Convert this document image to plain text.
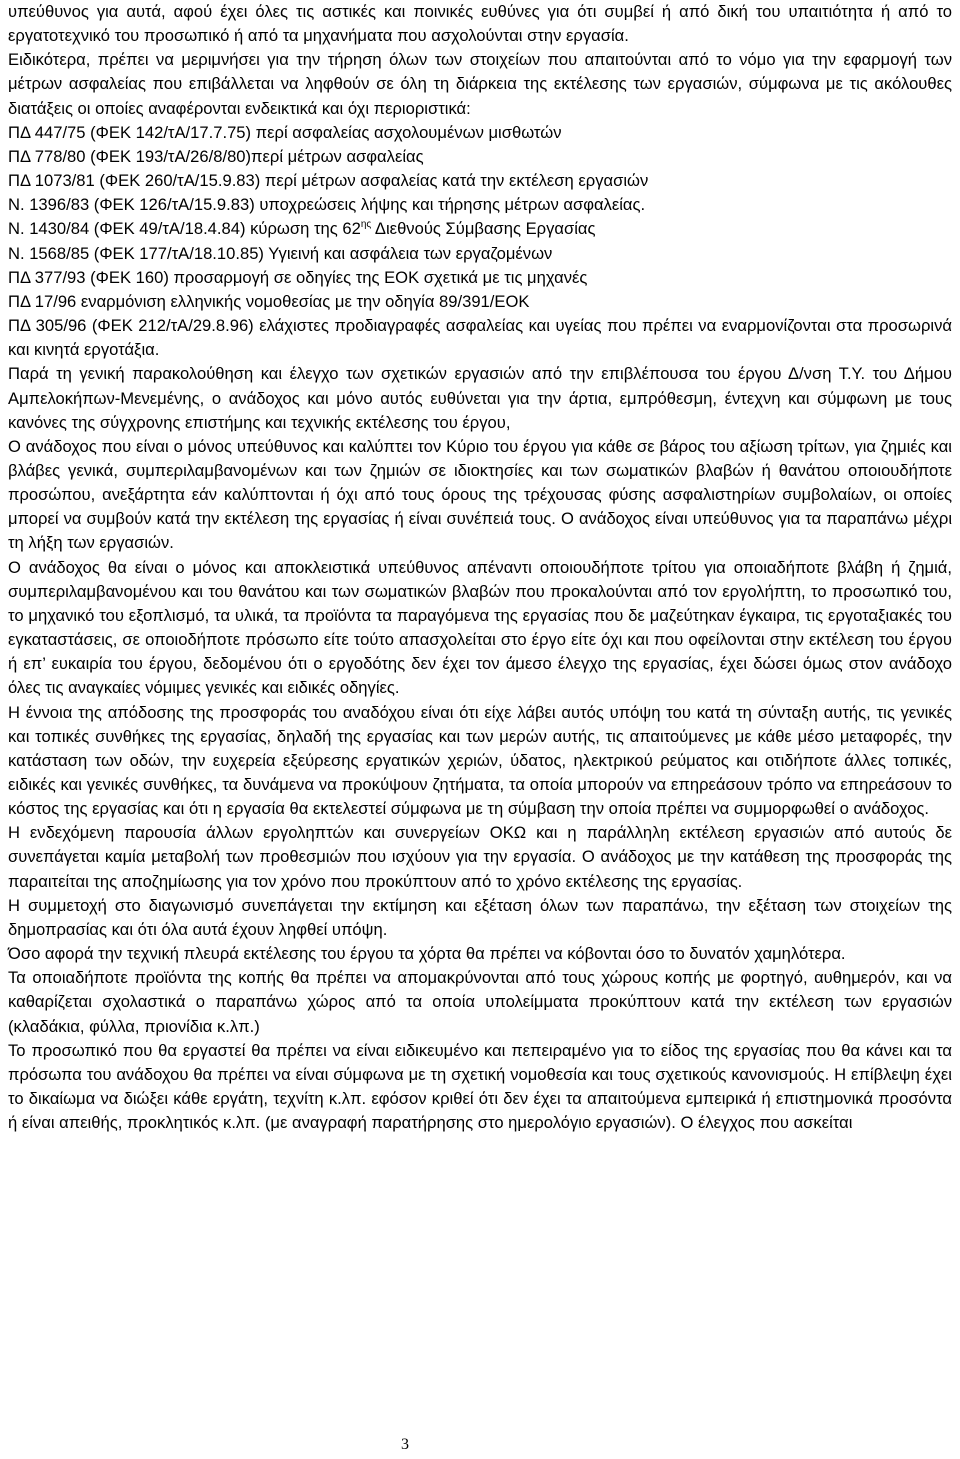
υπεύθυνος για αυτά, αφού έχει όλες τις αστικές και ποινικές ευθύνες για ότι συμβεί ή από δική του υπαιτιότητα ή από το εργατοτεχνικό του προσωπικό ή από τα μηχανήματα που ασχολούνται στην εργασία.

Ειδικότερα, πρέπει να μεριμνήσει για την τήρηση όλων των στοιχείων που απαιτούνται από το νόμο για την εφαρμογή των μέτρων ασφαλείας που επιβάλλεται να ληφθούν σε όλη τη διάρκεια της εκτέλεσης των εργασιών, σύμφωνα με τις ακόλουθες διατάξεις οι οποίες αναφέρονται ενδεικτικά και όχι περιοριστικά:

ΠΔ 447/75 (ΦΕΚ 142/τΑ/17.7.75) περί ασφαλείας ασχολουμένων μισθωτών

ΠΔ 778/80 (ΦΕΚ 193/τΑ/26/8/80)περί μέτρων ασφαλείας

ΠΔ 1073/81 (ΦΕΚ 260/τΑ/15.9.83) περί μέτρων ασφαλείας κατά την εκτέλεση εργασιών

Ν. 1396/83 (ΦΕΚ 126/τΑ/15.9.83) υποχρεώσεις λήψης και τήρησης μέτρων ασφαλείας.

Ν. 1430/84 (ΦΕΚ 49/τΑ/18.4.84) κύρωση της $62^{\eta\varsigma}$ Διεθνούς Σύμβασης Εργασίας

Ν. 1568/85 (ΦΕΚ 177/τΑ/18.10.85) Υγιεινή και ασφάλεια των εργαζομένων

ΠΔ 377/93 (ΦΕΚ 160) προσαρμογή σε οδηγίες της ΕΟΚ σχετικά με τις μηχανές

ΠΔ 17/96 εναρμόνιση ελληνικής νομοθεσίας με την οδηγία 89/391/ΕΟΚ

ΠΔ 305/96 (ΦΕΚ 212/τΑ/29.8.96) ελάχιστες προδιαγραφές ασφαλείας και υγείας που πρέπει να εναρμονίζονται στα προσωρινά και κινητά εργοτάξια.

Παρά τη γενική παρακολούθηση και έλεγχο των σχετικών εργασιών από την επιβλέπουσα του έργου Δ/νση Τ.Υ. του Δήμου Αμπελοκήπων-Μενεμένης, ο ανάδοχος και μόνο αυτός ευθύνεται για την άρτια, εμπρόθεσμη, έντεχνη και σύμφωνη με τους κανόνες της σύγχρονης επιστήμης και τεχνικής εκτέλεσης του έργου,

Ο ανάδοχος που είναι ο μόνος υπεύθυνος και καλύπτει τον Κύριο του έργου για κάθε σε βάρος του αξίωση τρίτων, για ζημιές και βλάβες γενικά, συμπεριλαμβανομένων και των ζημιών σε ιδιοκτησίες και των σωματικών βλαβών ή θανάτου οποιουδήποτε προσώπου, ανεξάρτητα εάν καλύπτονται ή όχι από τους όρους της τρέχουσας φύσης ασφαλιστηρίων συμβολαίων, οι οποίες μπορεί να συμβούν κατά την εκτέλεση της εργασίας ή είναι συνέπειά τους. Ο ανάδοχος είναι υπεύθυνος για τα παραπάνω μέχρι τη λήξη των εργασιών.

Ο ανάδοχος θα είναι ο μόνος και αποκλειστικά υπεύθυνος απέναντι οποιουδήποτε τρίτου για οποιαδήποτε βλάβη ή ζημιά, συμπεριλαμβανομένου και του θανάτου και των σωματικών βλαβών που προκαλούνται από τον εργολήπτη, το προσωπικό του, το μηχανικό του εξοπλισμό, τα υλικά, τα προϊόντα τα παραγόμενα της εργασίας που δε μαζεύτηκαν έγκαιρα, τις εργοταξιακές του εγκαταστάσεις, σε οποιοδήποτε πρόσωπο είτε τούτο απασχολείται στο έργο είτε όχι και που οφείλονται στην εκτέλεση του έργου ή επ’ ευκαιρία του έργου, δεδομένου ότι ο εργοδότης δεν έχει τον άμεσο έλεγχο της εργασίας, έχει δώσει όμως στον ανάδοχο όλες τις αναγκαίες νόμιμες γενικές και ειδικές οδηγίες.

Η έννοια της απόδοσης της προσφοράς του αναδόχου είναι ότι είχε λάβει αυτός υπόψη του κατά τη σύνταξη αυτής, τις γενικές και τοπικές συνθήκες της εργασίας, δηλαδή της εργασίας και των μερών αυτής, τις απαιτούμενες με κάθε μέσο μεταφορές, την κατάσταση των οδών, την ευχερεία εξεύρεσης εργατικών χεριών, ύδατος, ηλεκτρικού ρεύματος και οτιδήποτε άλλες τοπικές, ειδικές και γενικές συνθήκες, τα δυνάμενα να προκύψουν ζητήματα, τα οποία μπορούν να επηρεάσουν τρόπο να επηρεάσουν το κόστος της εργασίας και ότι η εργασία θα εκτελεστεί σύμφωνα με τη σύμβαση την οποία πρέπει να συμμορφωθεί ο ανάδοχος.

Η ενδεχόμενη παρουσία άλλων εργοληπτών και συνεργείων ΟΚΩ και η παράλληλη εκτέλεση εργασιών από αυτούς δε συνεπάγεται καμία μεταβολή των προθεσμιών που ισχύουν για την εργασία. Ο ανάδοχος με την κατάθεση της προσφοράς της παραιτείται της αποζημίωσης για τον χρόνο που προκύπτουν από το χρόνο εκτέλεσης της εργασίας.

Η συμμετοχή στο διαγωνισμό συνεπάγεται την εκτίμηση και εξέταση όλων των παραπάνω, την εξέταση των στοιχείων της δημοπρασίας και ότι όλα αυτά έχουν ληφθεί υπόψη.

Όσο αφορά την τεχνική πλευρά εκτέλεσης του έργου τα χόρτα θα πρέπει να κόβονται όσο το δυνατόν χαμηλότερα.

Τα οποιαδήποτε προϊόντα της κοπής θα πρέπει να απομακρύνονται από τους χώρους κοπής με φορτηγό, αυθημερόν, και να καθαρίζεται σχολαστικά ο παραπάνω χώρος από τα οποία υπολείμματα προκύπτουν κατά την εκτέλεση των εργασιών (κλαδάκια, φύλλα, πριονίδια κ.λπ.)

Το προσωπικό που θα εργαστεί θα πρέπει να είναι ειδικευμένο και πεπειραμένο για το είδος της εργασίας που θα κάνει και τα πρόσωπα του ανάδοχου θα πρέπει να είναι σύμφωνα με τη σχετική νομοθεσία και τους σχετικούς κανονισμούς. Η επίβλεψη έχει το δικαίωμα να διώξει κάθε εργάτη, τεχνίτη κ.λπ. εφόσον κριθεί ότι δεν έχει τα απαιτούμενα εμπειρικά ή επιστημονικά προσόντα ή είναι απειθής, προκλητικός κ.λπ. (με αναγραφή παρατήρησης στο ημερολόγιο εργασιών). Ο έλεγχος που ασκείται

3
